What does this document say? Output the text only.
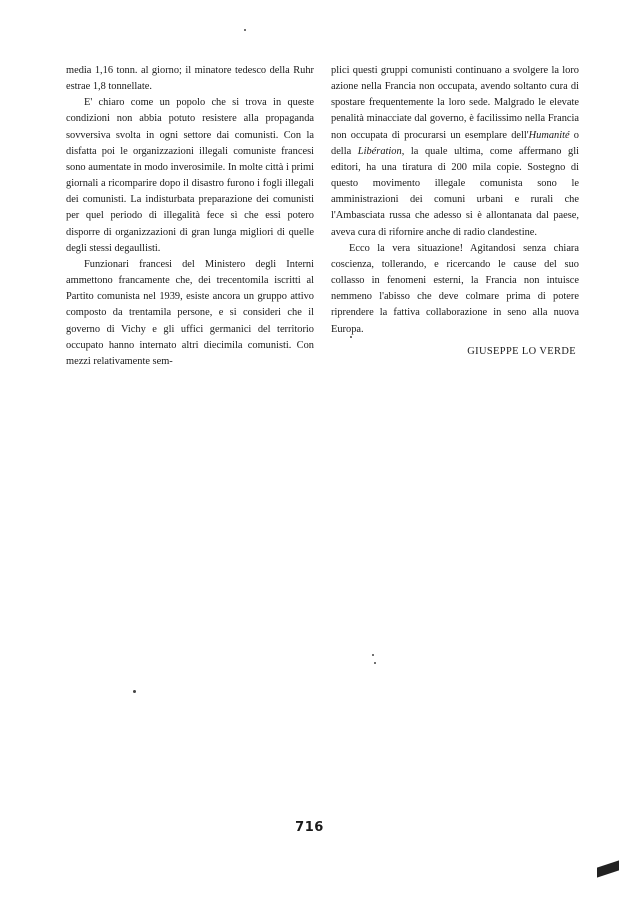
media 1,16 tonn. al giorno; il minatore tedesco della Ruhr estrae 1,8 tonnellate.

E' chiaro come un popolo che si trova in queste condizioni non abbia potuto resistere alla propaganda sovversiva svolta in ogni settore dai comunisti. Con la disfatta poi le organizzazioni illegali comuniste francesi sono aumentate in modo inverosimile. In molte città i primi giornali a ricomparire dopo il disastro furono i fogli illegali dei comunisti. La indisturbata preparazione dei comunisti per quel periodo di illegalità fece sì che essi potero disporre di organizzazioni di gran lunga migliori di quelle degli stessi degaullisti.

Funzionari francesi del Ministero degli Interni ammettono francamente che, dei trecentomila iscritti al Partito comunista nel 1939, esiste ancora un gruppo attivo composto da trentamila persone, e si consideri che il governo di Vichy e gli uffici germanici del territorio occupato hanno internato altri diecimila comunisti. Con mezzi relativamente sem-

plici questi gruppi comunisti continuano a svolgere la loro azione nella Francia non occupata, avendo soltanto cura di spostare frequentemente la loro sede. Malgrado le elevate penalità minacciate dal governo, è facilissimo nella Francia non occupata di procurarsi un esemplare dell'Humanité o della Libération, la quale ultima, come affermano gli editori, ha una tiratura di 200 mila copie. Sostegno di questo movimento illegale comunista sono le amministrazioni dei comuni urbani e rurali che l'Ambasciata russa che adesso si è allontanata dal paese, aveva cura di rifornire anche di radio clandestine.

Ecco la vera situazione! Agitandosi senza chiara coscienza, tollerando, e ricercando le cause del suo collasso in fenomeni esterni, la Francia non intuisce nemmeno l'abisso che deve colmare prima di potere riprendere la fattiva collaborazione in seno alla nuova Europa.

GIUSEPPE LO VERDE
716
